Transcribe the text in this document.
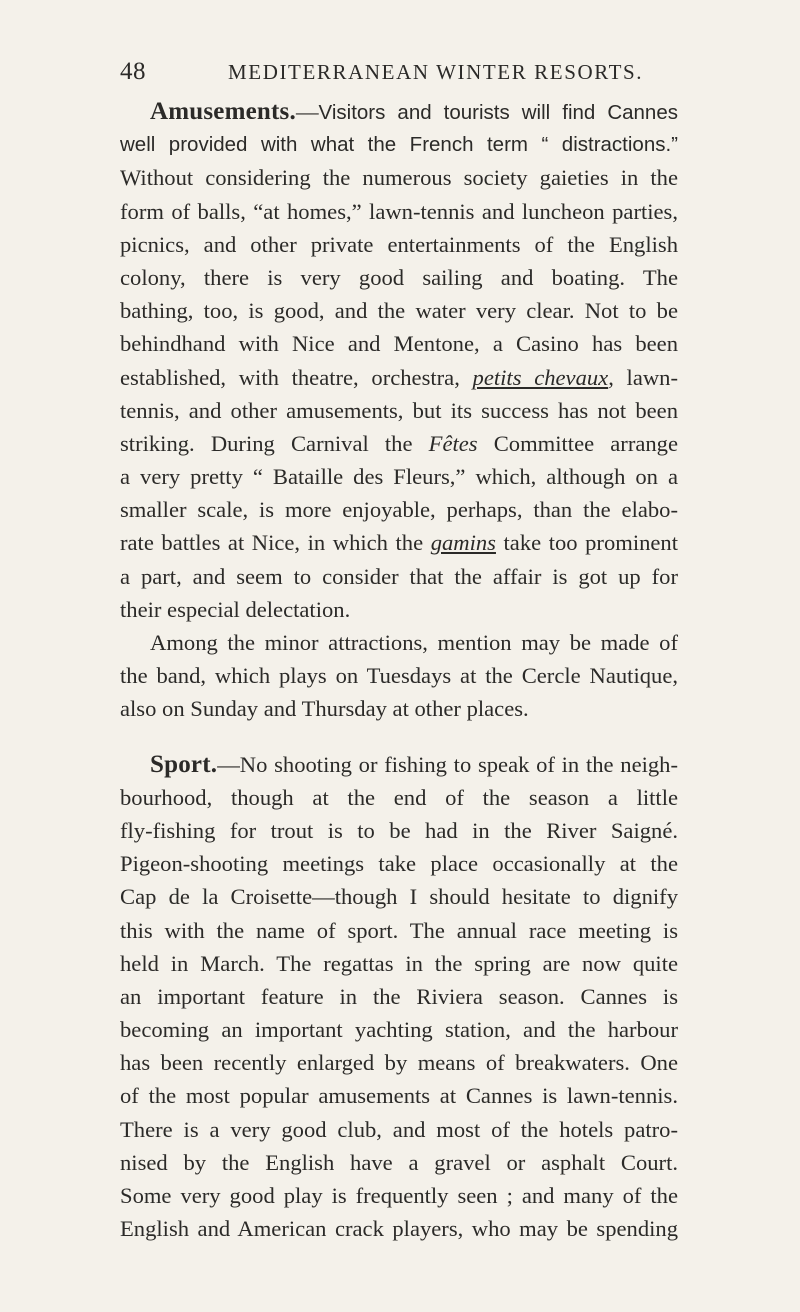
48	MEDITERRANEAN WINTER RESORTS.
Amusements.—Visitors and tourists will find Cannes
well provided with what the French term “ distractions.”
Without considering the numerous society gaieties in the
form of balls, “at homes,” lawn-tennis and luncheon parties,
picnics, and other private entertainments of the English
colony, there is very good sailing and boating. The
bathing, too, is good, and the water very clear. Not to be
behindhand with Nice and Mentone, a Casino has been
established, with theatre, orchestra, petits chevaux, lawn-
tennis, and other amusements, but its success has not been
striking. During Carnival the Fêtes Committee arrange
a very pretty “ Bataille des Fleurs,” which, although on a
smaller scale, is more enjoyable, perhaps, than the elabo-
rate battles at Nice, in which the gamins take too prominent
a part, and seem to consider that the affair is got up for
their especial delectation.
Among the minor attractions, mention may be made of
the band, which plays on Tuesdays at the Cercle Nautique,
also on Sunday and Thursday at other places.
Sport.—No shooting or fishing to speak of in the neigh-
bourhood, though at the end of the season a little
fly-fishing for trout is to be had in the River Saigné.
Pigeon-shooting meetings take place occasionally at the
Cap de la Croisette—though I should hesitate to dignify
this with the name of sport. The annual race meeting is
held in March. The regattas in the spring are now quite
an important feature in the Riviera season. Cannes is
becoming an important yachting station, and the harbour
has been recently enlarged by means of breakwaters. One
of the most popular amusements at Cannes is lawn-tennis.
There is a very good club, and most of the hotels patro-
nised by the English have a gravel or asphalt Court.
Some very good play is frequently seen ; and many of the
English and American crack players, who may be spending
